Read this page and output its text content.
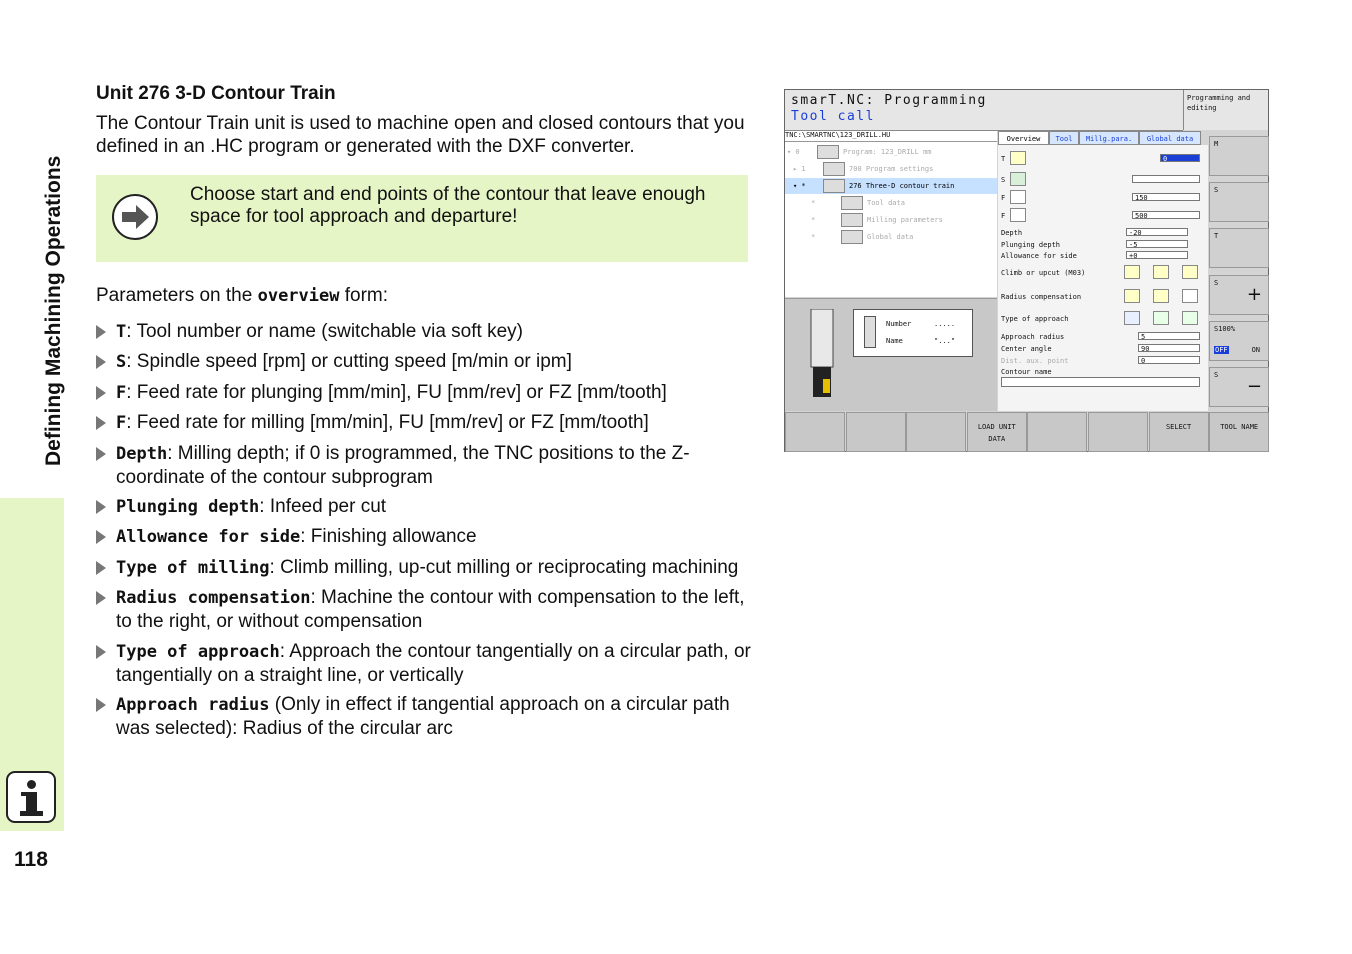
Defining Machining Operations
118
Unit 276 3-D Contour Train
The Contour Train unit is used to machine open and closed contours that you defined in an .HC program or generated with the DXF converter.
Choose start and end points of the contour that leave enough space for tool approach and departure!
Parameters on the overview form:
T: Tool number or name (switchable via soft key)
S: Spindle speed [rpm] or cutting speed [m/min or ipm]
F: Feed rate for plunging [mm/min], FU [mm/rev] or FZ [mm/tooth]
F: Feed rate for milling [mm/min], FU [mm/rev] or FZ [mm/tooth]
Depth: Milling depth; if 0 is programmed, the TNC positions to the Z-coordinate of the contour subprogram
Plunging depth: Infeed per cut
Allowance for side: Finishing allowance
Type of milling: Climb milling, up-cut milling or reciprocating machining
Radius compensation: Machine the contour with compensation to the left, to the right, or without compensation
Type of approach: Approach the contour tangentially on a circular path, or tangentially on a straight line, or vertically
Approach radius (Only in effect if tangential approach on a circular path was selected): Radius of the circular arc
smarT.NC: Programming
Tool call
Programming and editing
TNC:\SMARTNC\123_DRILL.HU
▾ 0	Program: 123_DRILL mm
▸ 1	700 Program settings
▾ *	276 Three-D contour train
*	Tool data
*	Milling parameters
*	Global data
Number	.....
Name	"..."
Overview	Tool	Millg.para.	Global data
T	0
S
F	150
F	500
Depth	-20
Plunging depth	-5
Allowance for side	+0
Climb or upcut (M03)
Radius compensation
Type of approach
Approach radius	5
Center angle	90
Dist. aux. point	0
Contour name
M
S
T
S
+
S100%
OFF	ON
S
−
LOAD UNIT DATA
SELECT	TOOL NAME
